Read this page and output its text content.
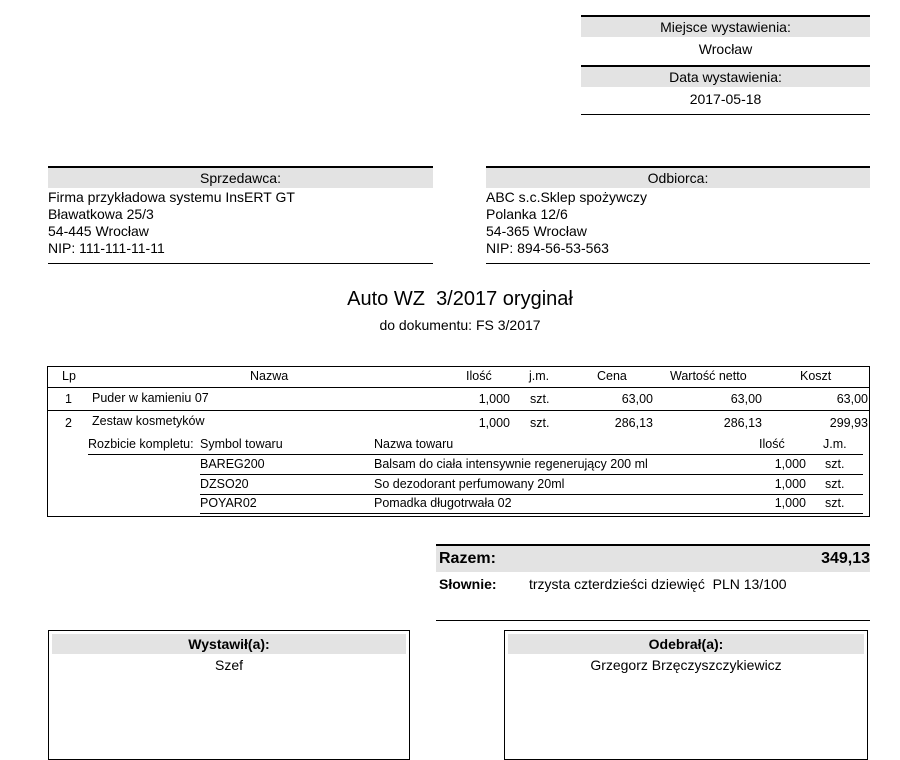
Miejsce wystawienia:
Wrocław
Data wystawienia:
2017-05-18
Sprzedawca:
Firma przykładowa systemu InsERT GT
Bławatkowa 25/3
54-445 Wrocław
NIP: 111-111-11-11
Odbiorca:
ABC s.c.Sklep spożywczy
Polanka 12/6
54-365 Wrocław
NIP: 894-56-53-563
Auto WZ  3/2017 oryginał
do dokumentu: FS 3/2017
Lp	Nazwa	Ilość	j.m.	Cena	Wartość netto	Koszt
1 Puder w kamieniu 07	1,000 szt.	63,00	63,00	63,00
2 Zestaw kosmetyków	1,000 szt.	286,13	286,13	299,93
Rozbicie kompletu: Symbol towaru	Nazwa towaru	Ilość	J.m.
BAREG200	Balsam do ciała intensywnie regenerujący 200 ml	1,000 szt.
DZSO20	So dezodorant perfumowany 20ml	1,000 szt.
POYAR02	Pomadka długotrwała 02	1,000 szt.
Razem:	349,13
Słownie: trzysta czterdzieści dziewięć  PLN 13/100
Wystawił(a):
Szef
Odebrał(a):
Grzegorz Brzęczyszczykiewicz
